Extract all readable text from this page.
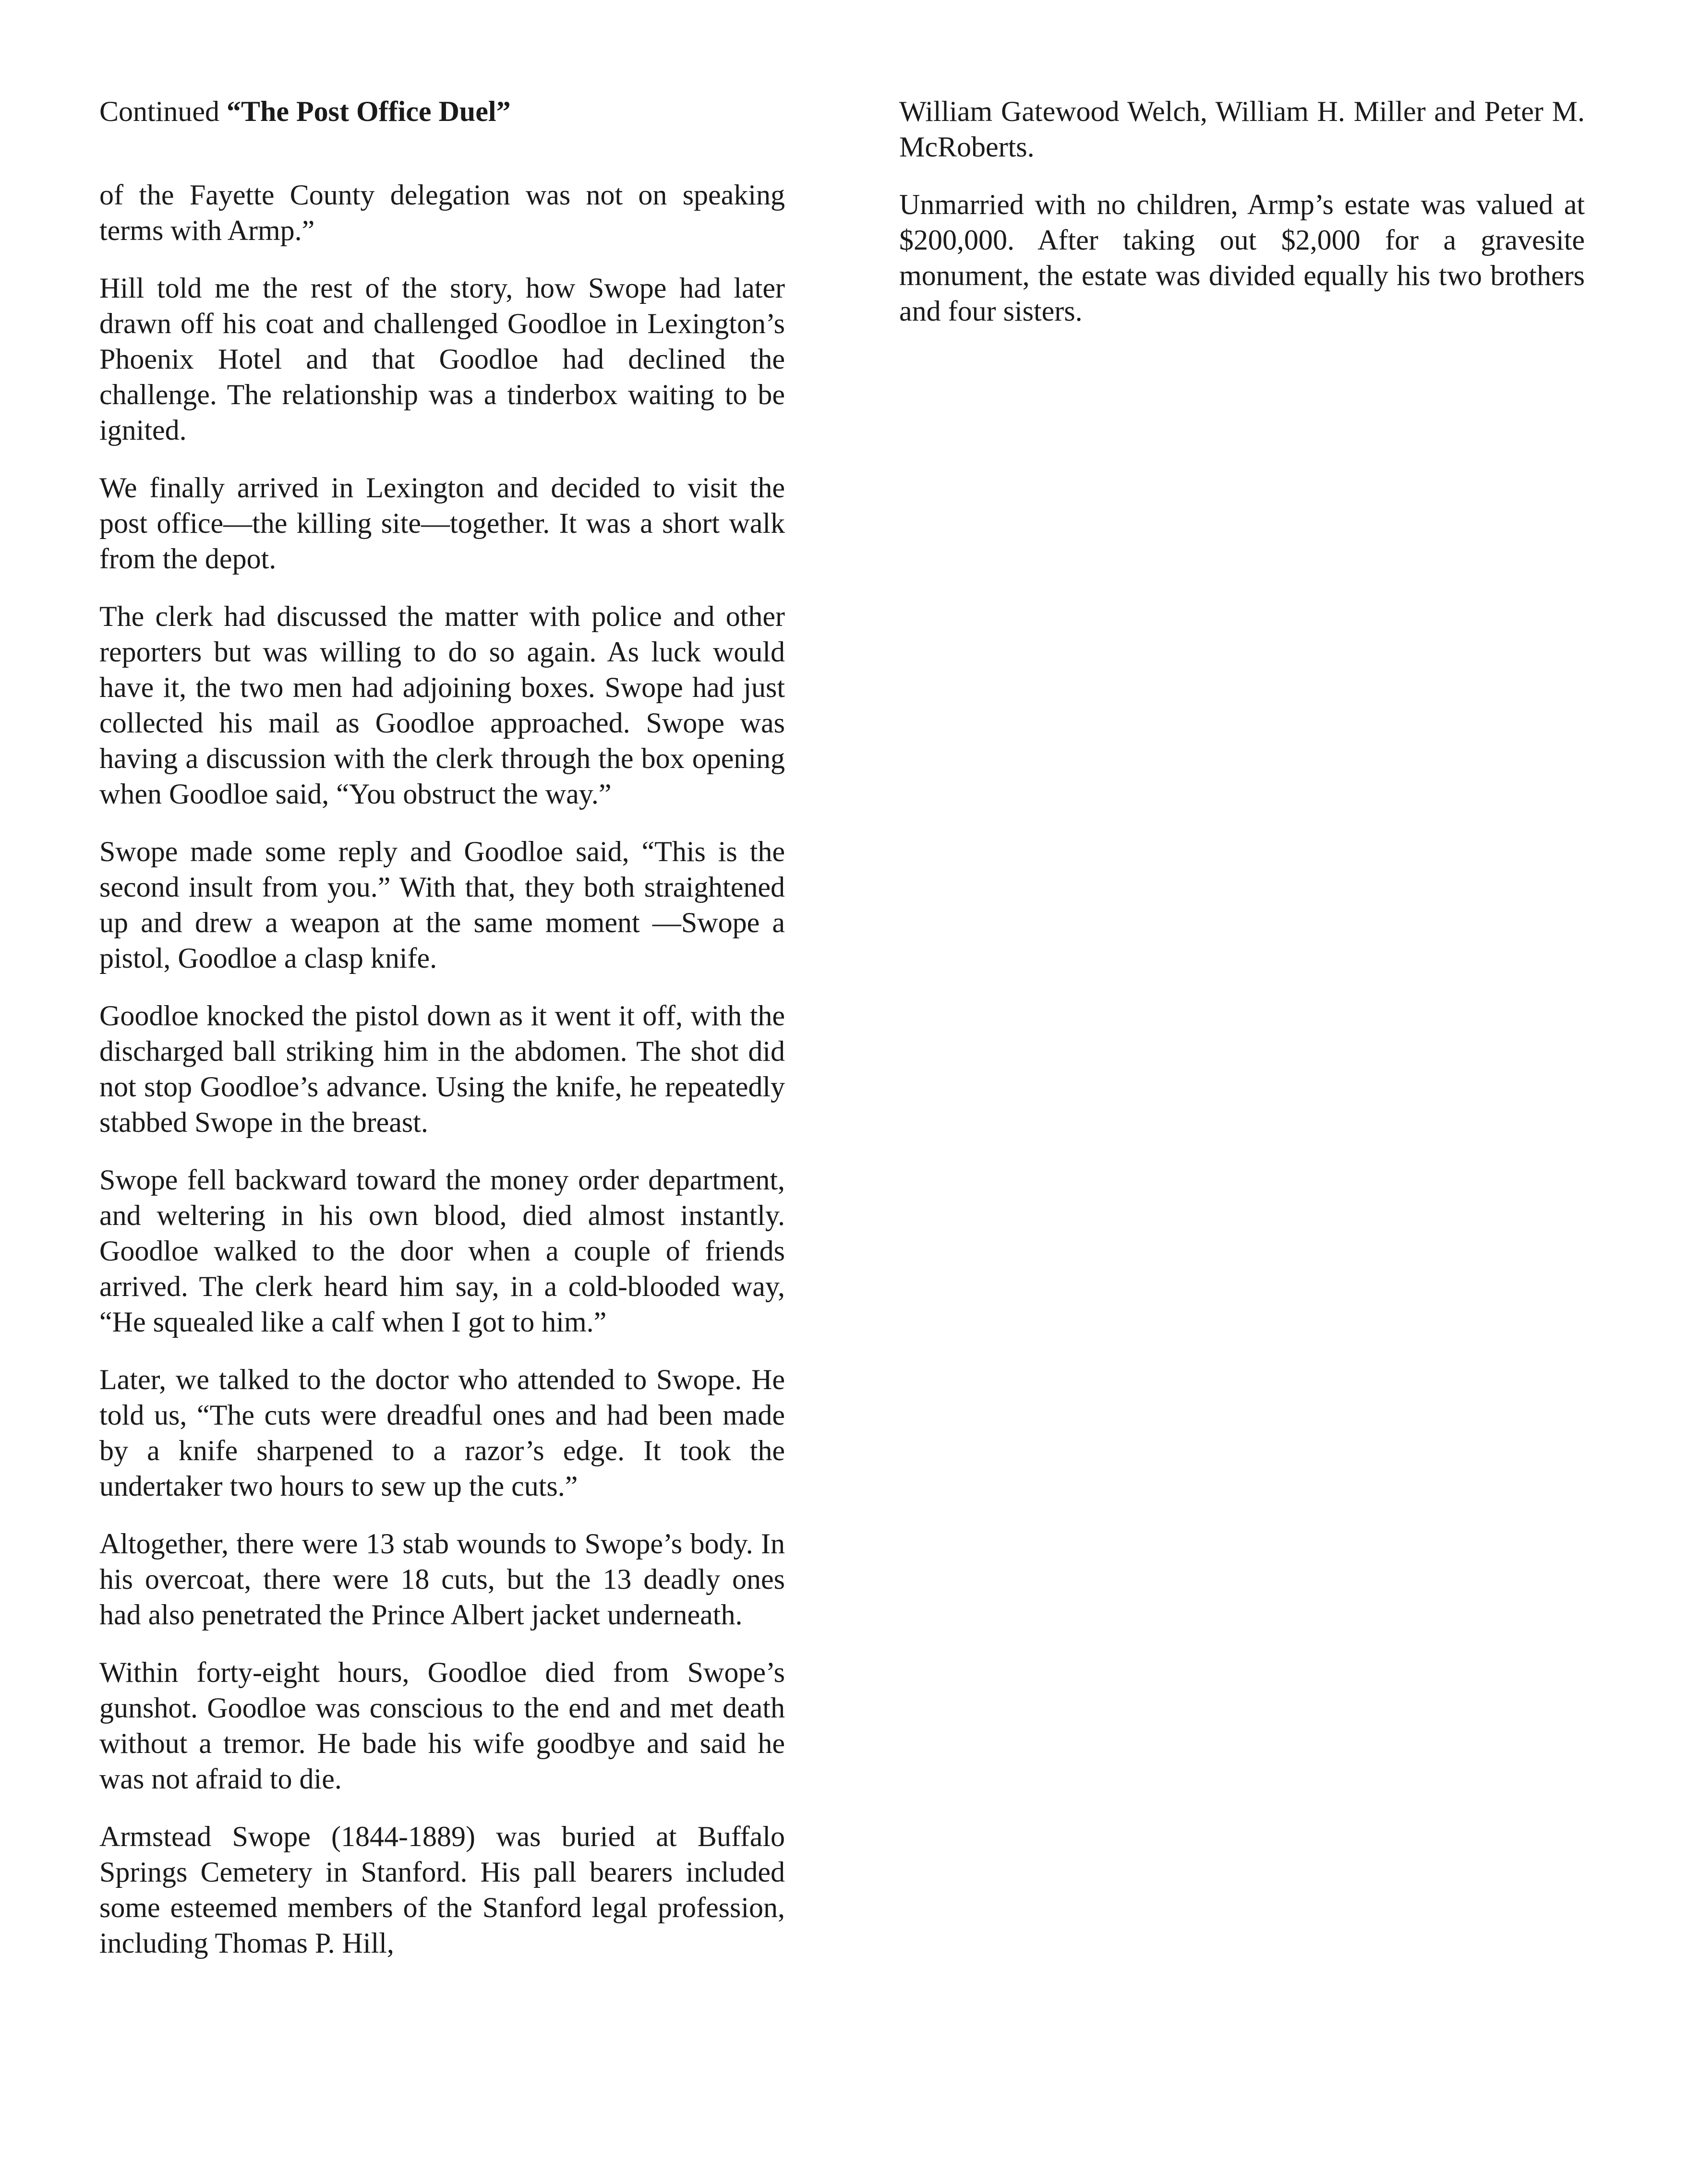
Continued “The Post Office Duel”

of the Fayette County delegation was not on speaking terms with Armp.”

Hill told me the rest of the story, how Swope had later drawn off his coat and challenged Goodloe in Lexington’s Phoenix Hotel and that Goodloe had declined the challenge. The relationship was a tinderbox waiting to be ignited.

We finally arrived in Lexington and decided to visit the post office—the killing site—together. It was a short walk from the depot.

The clerk had discussed the matter with police and other reporters but was willing to do so again. As luck would have it, the two men had adjoining boxes. Swope had just collected his mail as Goodloe approached. Swope was having a discussion with the clerk through the box opening when Goodloe said, “You obstruct the way.”

Swope made some reply and Goodloe said, “This is the second insult from you.” With that, they both straightened up and drew a weapon at the same moment —Swope a pistol, Goodloe a clasp knife.

Goodloe knocked the pistol down as it went it off, with the discharged ball striking him in the abdomen. The shot did not stop Goodloe’s advance. Using the knife, he repeatedly stabbed Swope in the breast.

Swope fell backward toward the money order department, and weltering in his own blood, died almost instantly. Goodloe walked to the door when a couple of friends arrived. The clerk heard him say, in a cold-blooded way, “He squealed like a calf when I got to him.”

Later, we talked to the doctor who attended to Swope. He told us, “The cuts were dreadful ones and had been made by a knife sharpened to a razor’s edge. It took the undertaker two hours to sew up the cuts.”

Altogether, there were 13 stab wounds to Swope’s body. In his overcoat, there were 18 cuts, but the 13 deadly ones had also penetrated the Prince Albert jacket underneath.

Within forty-eight hours, Goodloe died from Swope’s gunshot. Goodloe was conscious to the end and met death without a tremor. He bade his wife goodbye and said he was not afraid to die.

Armstead Swope (1844-1889) was buried at Buffalo Springs Cemetery in Stanford. His pall bearers included some esteemed members of the Stanford legal profession, including Thomas P. Hill,

William Gatewood Welch, William H. Miller and Peter M. McRoberts.

Unmarried with no children, Armp’s estate was valued at $200,000. After taking out $2,000 for a gravesite monument, the estate was divided equally his two brothers and four sisters.
